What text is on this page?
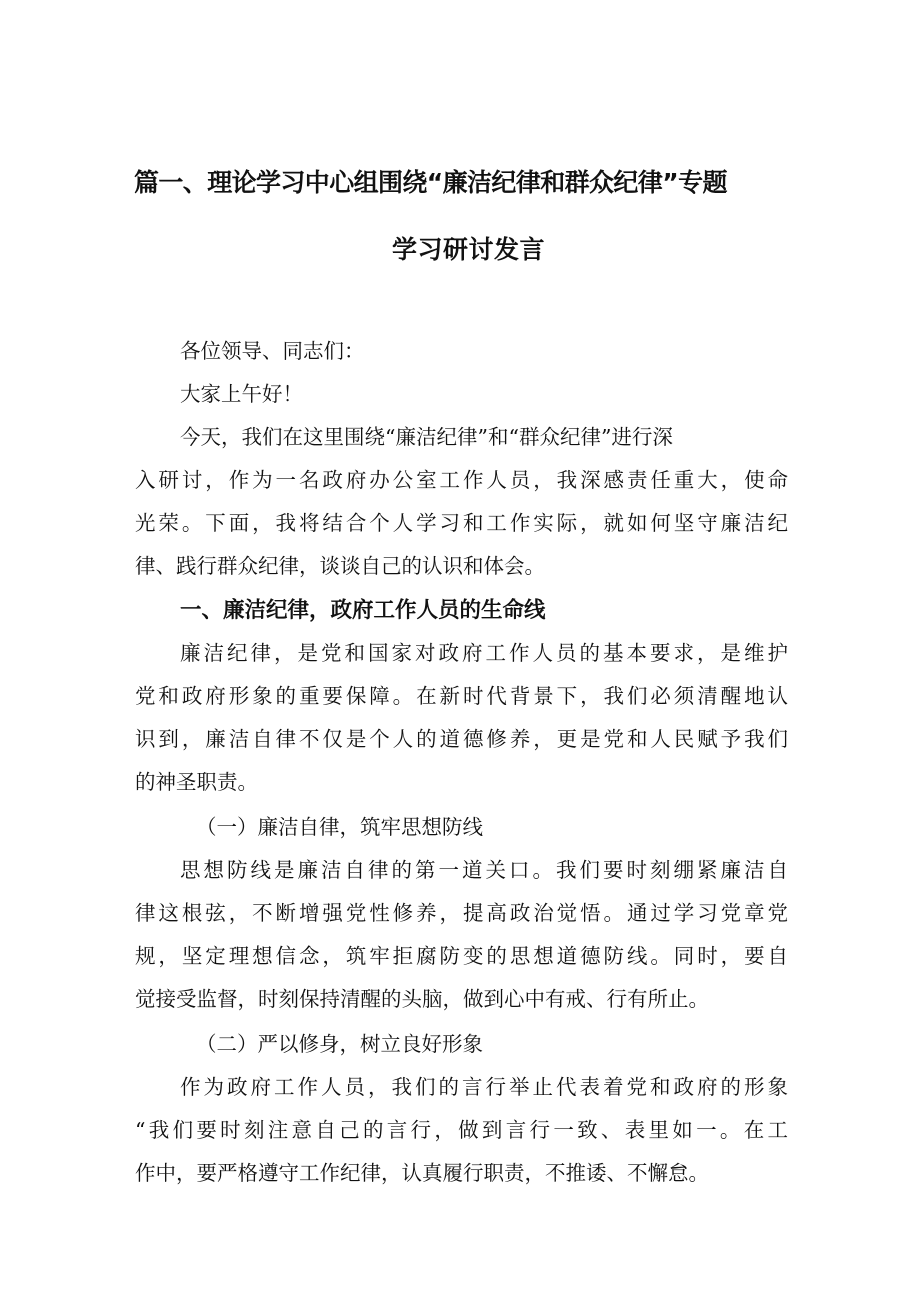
篇一、理论学习中心组围绕“廉洁纪律和群众纪律”专题
学习研讨发言
各位领导、同志们：
大家上午好！
今天，我们在这里围绕“廉洁纪律”和“群众纪律”进行深
入研讨，作为一名政府办公室工作人员，我深感责任重大，使命
光荣。下面，我将结合个人学习和工作实际，就如何坚守廉洁纪
律、践行群众纪律，谈谈自己的认识和体会。
一、廉洁纪律，政府工作人员的生命线
廉洁纪律，是党和国家对政府工作人员的基本要求，是维护
党和政府形象的重要保障。在新时代背景下，我们必须清醒地认
识到，廉洁自律不仅是个人的道德修养，更是党和人民赋予我们
的神圣职责。
（一）廉洁自律，筑牢思想防线
思想防线是廉洁自律的第一道关口。我们要时刻绷紧廉洁自
律这根弦，不断增强党性修养，提高政治觉悟。通过学习党章党
规，坚定理想信念，筑牢拒腐防变的思想道德防线。同时，要自
觉接受监督，时刻保持清醒的头脑，做到心中有戒、行有所止。
（二）严以修身，树立良好形象
作为政府工作人员，我们的言行举止代表着党和政府的形象
“我们要时刻注意自己的言行，做到言行一致、表里如一。在工
作中，要严格遵守工作纪律，认真履行职责，不推诿、不懈怠。
